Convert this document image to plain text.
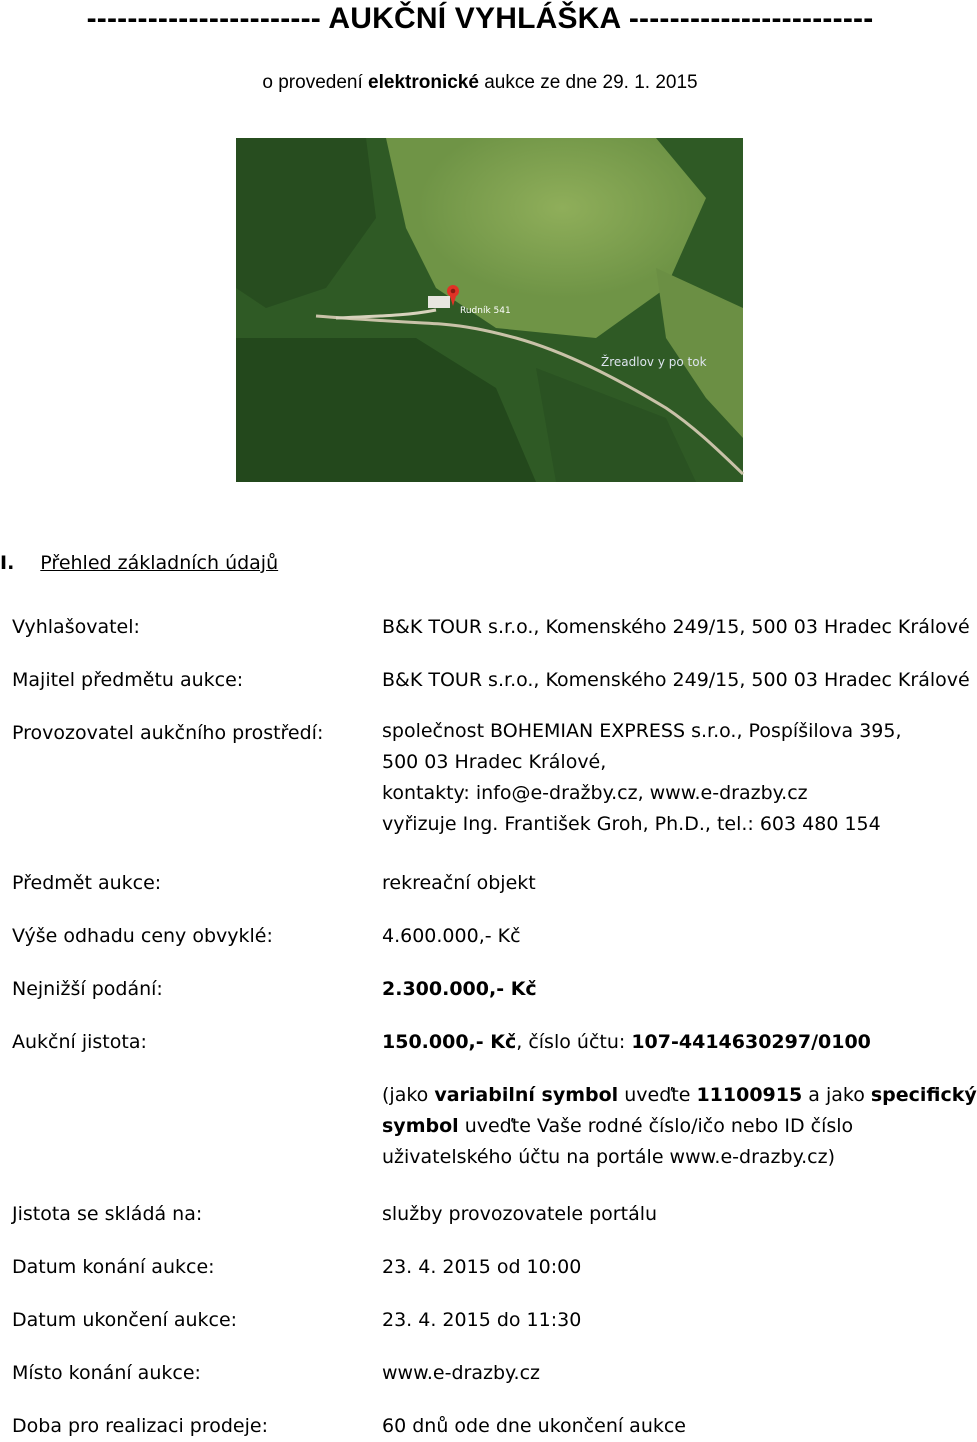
----------------------- AUKČNÍ VYHLÁŠKA ------------------------
o provedení elektronické aukce ze dne 29. 1. 2015
Rudník 541
Žreadlov y po tok
I. Přehled základních údajů
Vyhlašovatel:	B&K TOUR s.r.o., Komenského 249/15, 500 03 Hradec Králové
Majitel předmětu aukce:	B&K TOUR s.r.o., Komenského 249/15, 500 03 Hradec Králové
Provozovatel aukčního prostředí:	společnost BOHEMIAN EXPRESS s.r.o., Pospíšilova 395,
500 03 Hradec Králové,
kontakty: info@e-dražby.cz, www.e-drazby.cz
vyřizuje Ing. František Groh, Ph.D., tel.: 603 480 154
Předmět aukce:	rekreační objekt
Výše odhadu ceny obvyklé:	4.600.000,- Kč
Nejnižší podání:	2.300.000,- Kč
Aukční jistota:	150.000,- Kč, číslo účtu: 107-4414630297/0100
(jako variabilní symbol uveďte 11100915 a jako specifický
symbol uveďte Vaše rodné číslo/ičo nebo ID číslo
uživatelského účtu na portále www.e-drazby.cz)
Jistota se skládá na:	služby provozovatele portálu
Datum konání aukce:	23. 4. 2015 od 10:00
Datum ukončení aukce:	23. 4. 2015 do 11:30
Místo konání aukce:	www.e-drazby.cz
Doba pro realizaci prodeje:	60 dnů ode dne ukončení aukce
